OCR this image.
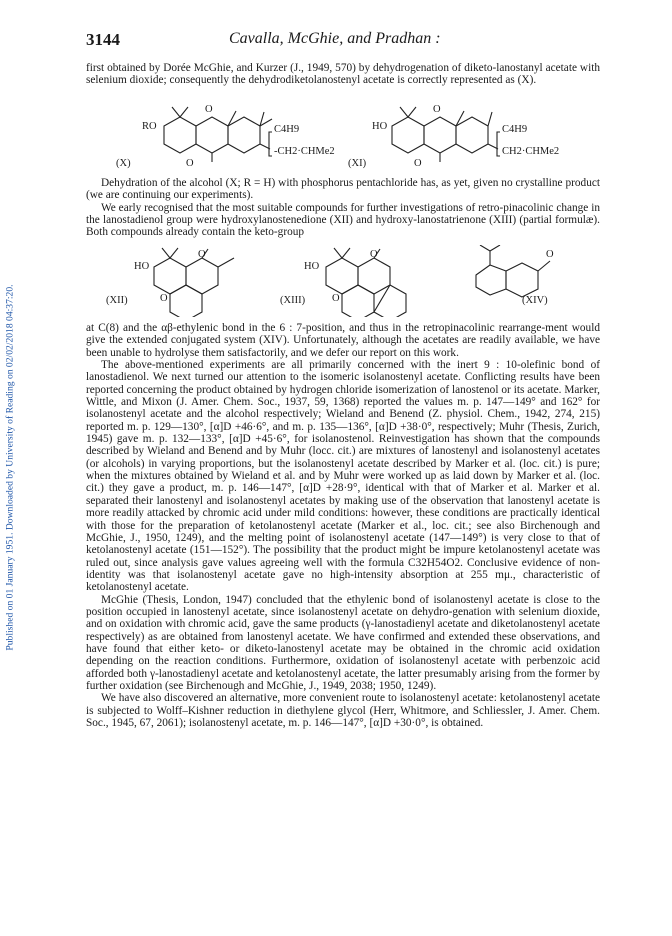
Published on 01 January 1951. Downloaded by University of Reading on 02/02/2018 04:37:20.
3144	Cavalla, McGhie, and Pradhan :

first obtained by Dorée McGhie, and Kurzer (J., 1949, 570) by dehydrogenation of diketo-lanostanyl acetate with selenium dioxide; consequently the dehydrodiketolanostenyl acetate is correctly represented as (X).

RO
O
O
C4H9
-CH2·CHMe2
(X)
HO
O
O
C4H9
CH2·CHMe2
(XI)

Dehydration of the alcohol (X; R = H) with phosphorus pentachloride has, as yet, given no crystalline product (we are continuing our experiments).

We early recognised that the most suitable compounds for further investigations of retro-pinacolinic change in the lanostadienol group were hydroxylanostenedione (XII) and hydroxy-lanostatrienone (XIII) (partial formulæ). Both compounds already contain the keto-group

HO
O
O
(XII)
HO
O
O
(XIII)
O
(XIV)

at C(8) and the αβ-ethylenic bond in the 6 : 7-position, and thus in the retropinacolinic rearrange-ment would give the extended conjugated system (XIV). Unfortunately, although the acetates are readily available, we have been unable to hydrolyse them satisfactorily, and we defer our report on this work.

The above-mentioned experiments are all primarily concerned with the inert 9 : 10-olefinic bond of lanostadienol. We next turned our attention to the isomeric isolanostenyl acetate. Conflicting results have been reported concerning the product obtained by hydrogen chloride isomerization of lanostenol or its acetate. Marker, Wittle, and Mixon (J. Amer. Chem. Soc., 1937, 59, 1368) reported the values m. p. 147—149° and 162° for isolanostenyl acetate and the alcohol respectively; Wieland and Benend (Z. physiol. Chem., 1942, 274, 215) reported m. p. 129—130°, [α]D +46·6°, and m. p. 135—136°, [α]D +38·0°, respectively; Muhr (Thesis, Zurich, 1945) gave m. p. 132—133°, [α]D +45·6°, for isolanostenol. Reinvestigation has shown that the compounds described by Wieland and Benend and by Muhr (locc. cit.) are mixtures of lanostenyl and isolanostenyl acetates (or alcohols) in varying proportions, but the isolanostenyl acetate described by Marker et al. (loc. cit.) is pure; when the mixtures obtained by Wieland et al. and by Muhr were worked up as laid down by Marker et al. (loc. cit.) they gave a product, m. p. 146—147°, [α]D +28·9°, identical with that of Marker et al. Marker et al. separated their lanostenyl and isolanostenyl acetates by making use of the observation that lanostenyl acetate is more readily attacked by chromic acid under mild conditions: however, these conditions are practically identical with those for the preparation of ketolanostenyl acetate (Marker et al., loc. cit.; see also Birchenough and McGhie, J., 1950, 1249), and the melting point of isolanostenyl acetate (147—149°) is very close to that of ketolanostenyl acetate (151—152°). The possibility that the product might be impure ketolanostenyl acetate was ruled out, since analysis gave values agreeing well with the formula C32H54O2. Conclusive evidence of non-identity was that isolanostenyl acetate gave no high-intensity absorption at 255 mμ., characteristic of ketolanostenyl acetate.

McGhie (Thesis, London, 1947) concluded that the ethylenic bond of isolanostenyl acetate is close to the position occupied in lanostenyl acetate, since isolanostenyl acetate on dehydro-genation with selenium dioxide, and on oxidation with chromic acid, gave the same products (γ-lanostadienyl acetate and diketolanostenyl acetate respectively) as are obtained from lanostenyl acetate. We have confirmed and extended these observations, and have found that either keto- or diketo-lanostenyl acetate may be obtained in the chromic acid oxidation depending on the reaction conditions. Furthermore, oxidation of isolanostenyl acetate with perbenzoic acid afforded both γ-lanostadienyl acetate and ketolanostenyl acetate, the latter presumably arising from the former by further oxidation (see Birchenough and McGhie, J., 1949, 2038; 1950, 1249).

We have also discovered an alternative, more convenient route to isolanostenyl acetate: ketolanostenyl acetate is subjected to Wolff–Kishner reduction in diethylene glycol (Herr, Whitmore, and Schliessler, J. Amer. Chem. Soc., 1945, 67, 2061); isolanostenyl acetate, m. p. 146—147°, [α]D +30·0°, is obtained.
